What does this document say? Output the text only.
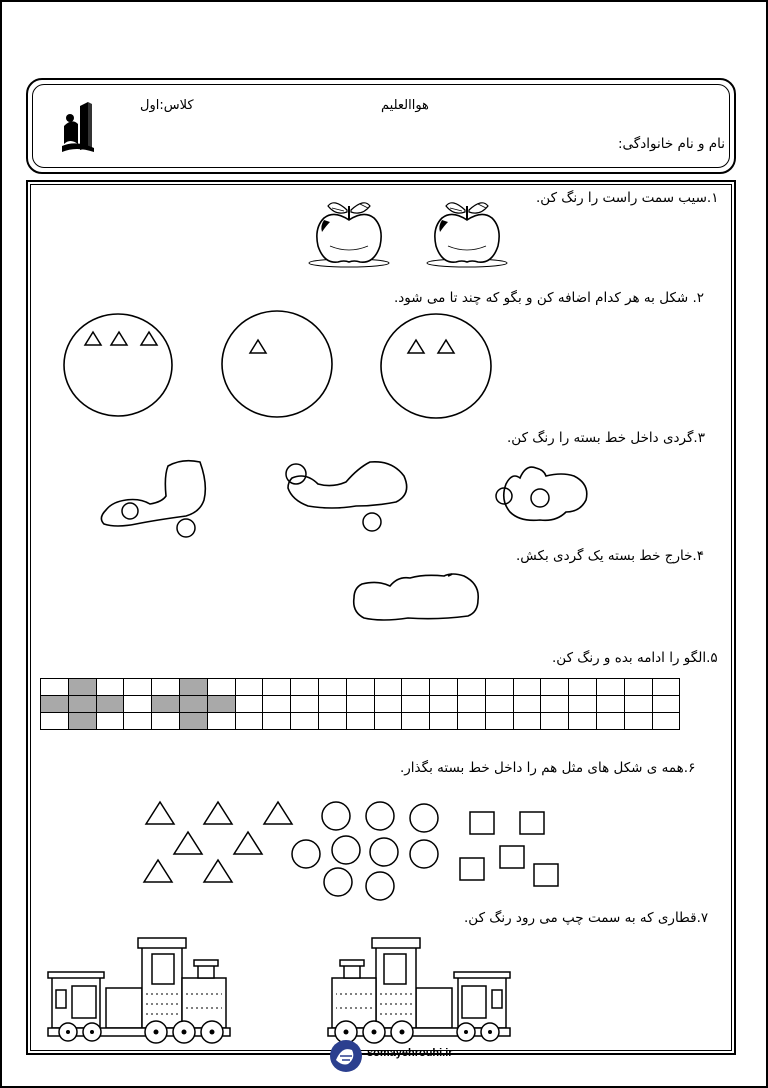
هواالعلیم
کلاس:اول
نام و نام خانوادگی:
۱.سیب سمت راست را رنگ کن.
۲. شکل به هر کدام اضافه کن و بگو که چند تا می شود.
۳.گردی داخل خط بسته را رنگ کن.
۴.خارج خط بسته یک گردی بکش.
۵.الگو را ادامه بده و رنگ کن.

۶.همه ی شکل های مثل هم را داخل خط بسته بگذار.
۷.قطاری که به سمت چپ می رود رنگ کن.
somayehrouhi.ir
